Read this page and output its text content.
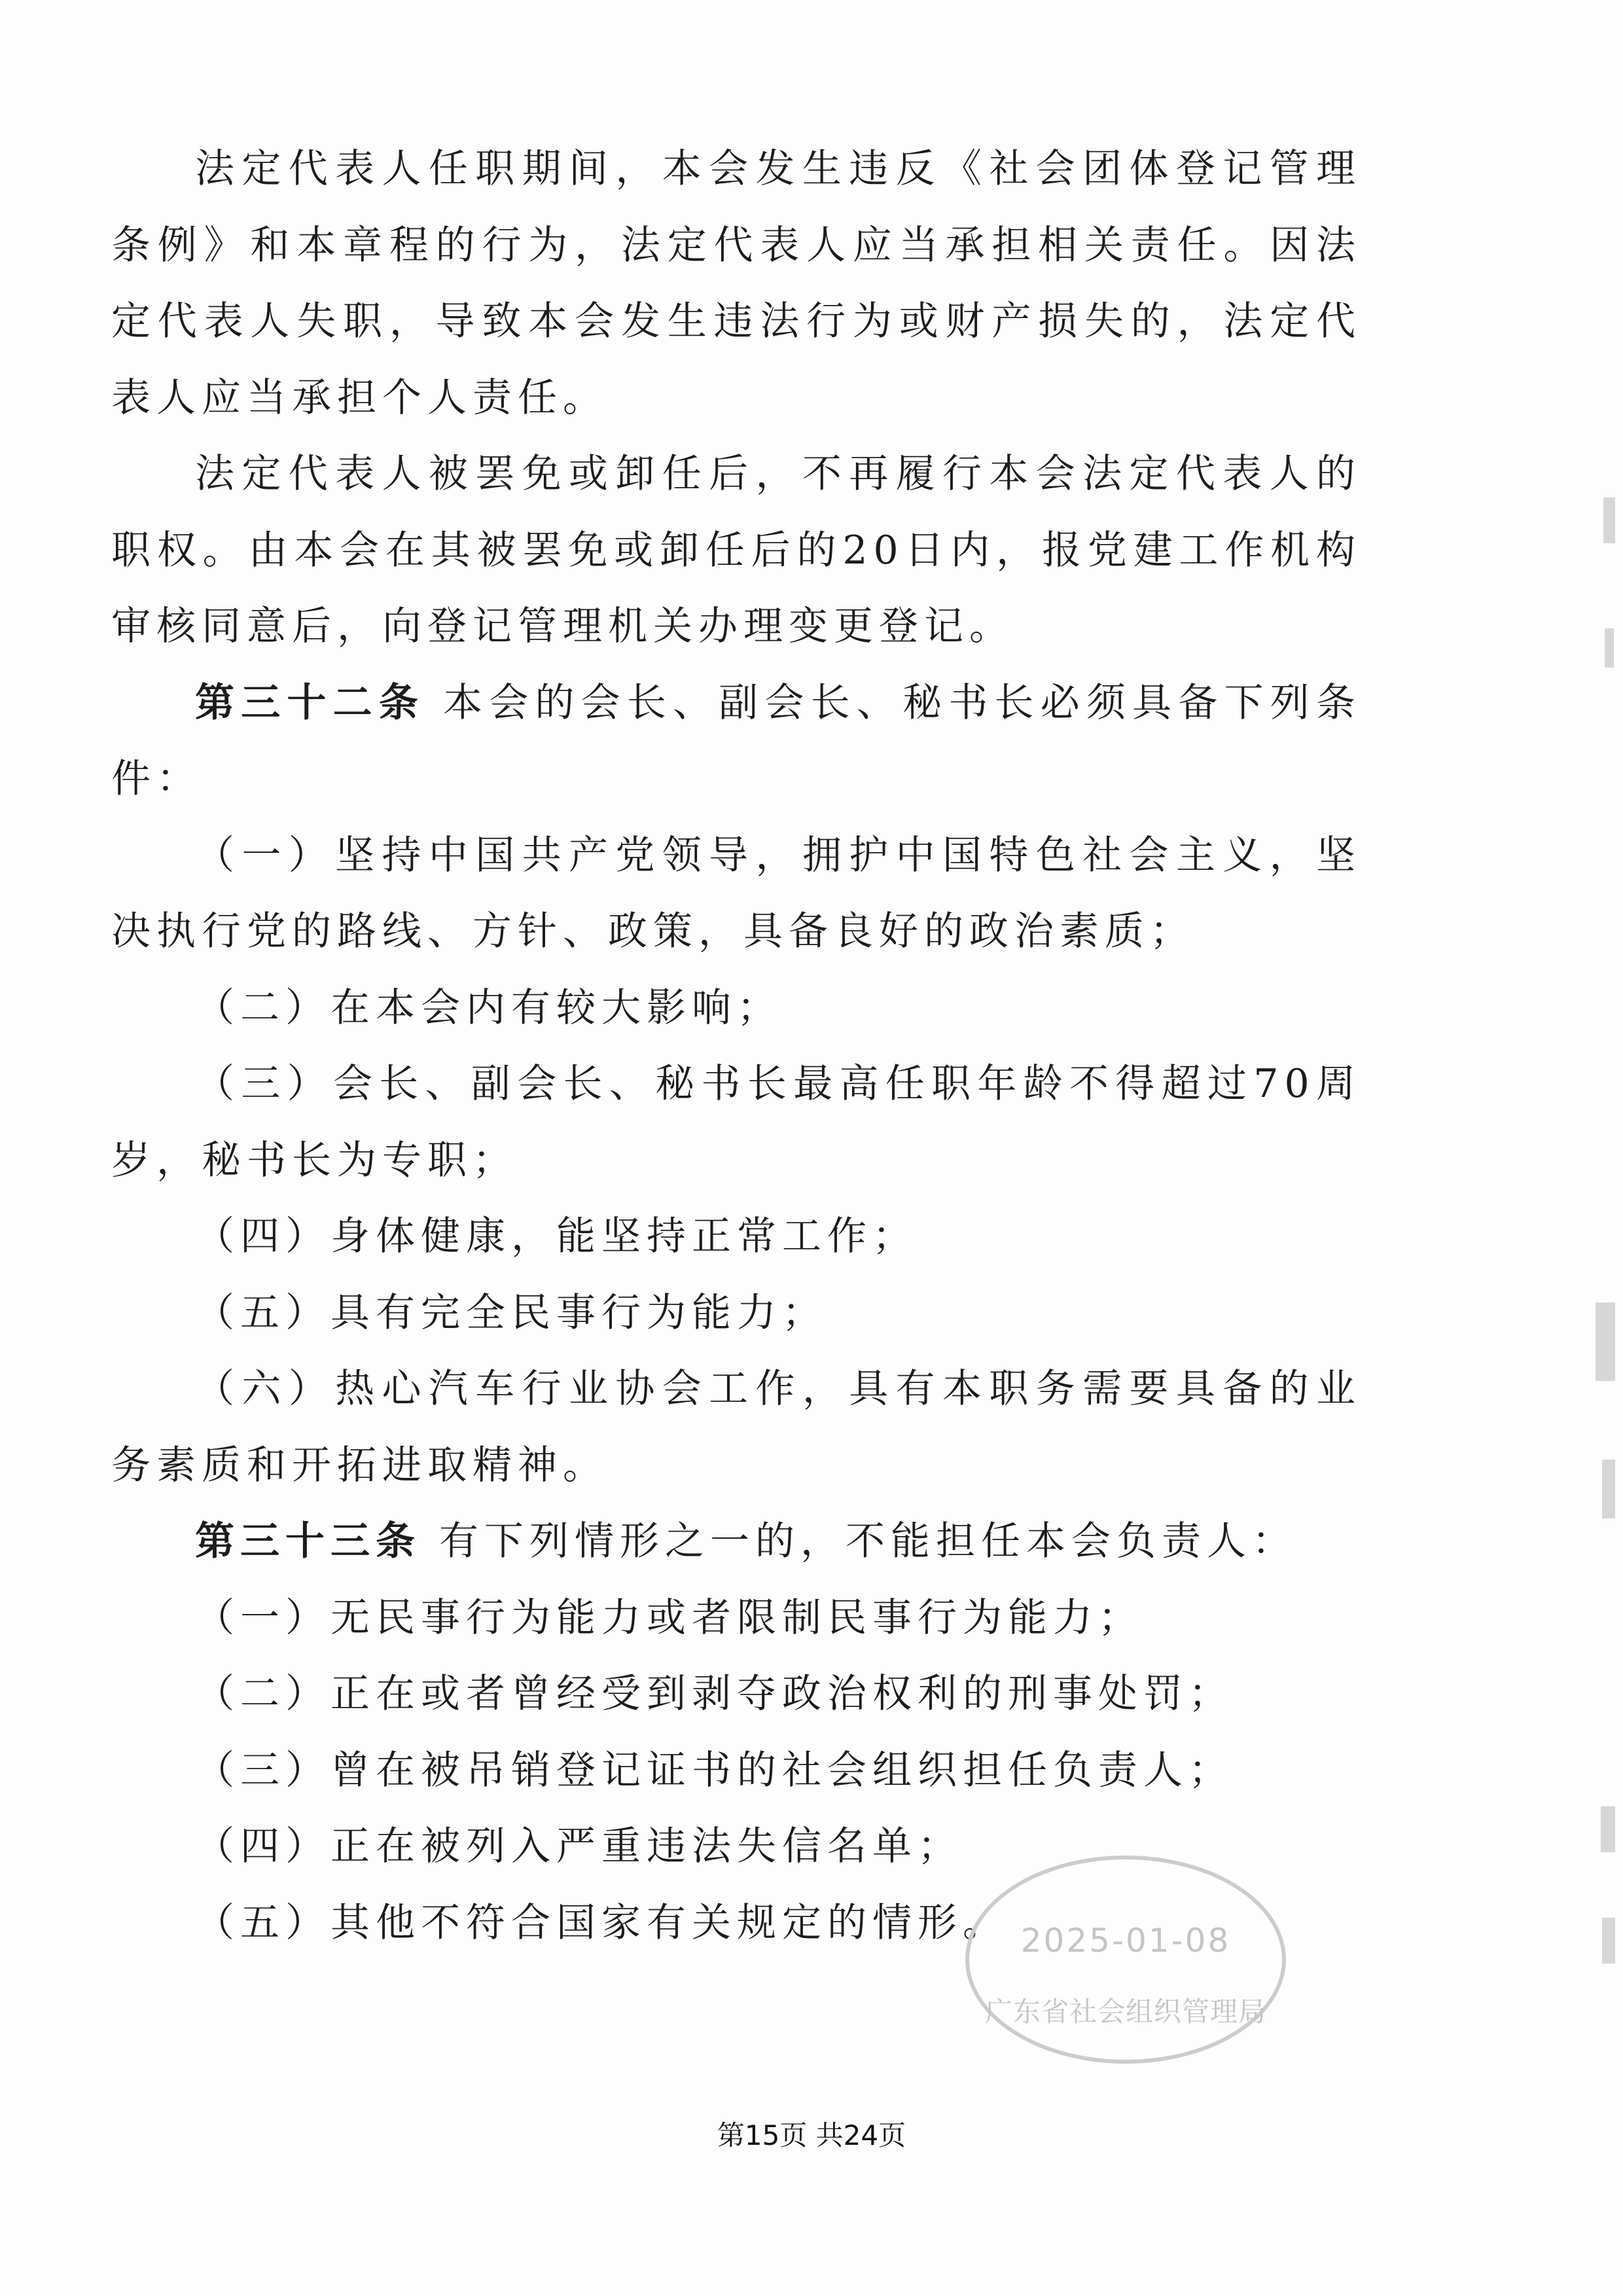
法定代表人任职期间，本会发生违反《社会团体登记管理条例》和本章程的行为，法定代表人应当承担相关责任。因法定代表人失职，导致本会发生违法行为或财产损失的，法定代表人应当承担个人责任。

法定代表人被罢免或卸任后，不再履行本会法定代表人的职权。由本会在其被罢免或卸任后的20日内，报党建工作机构审核同意后，向登记管理机关办理变更登记。

第三十二条 本会的会长、副会长、秘书长必须具备下列条件：

（一）坚持中国共产党领导，拥护中国特色社会主义，坚决执行党的路线、方针、政策，具备良好的政治素质；

（二）在本会内有较大影响；

（三）会长、副会长、秘书长最高任职年龄不得超过70周岁，秘书长为专职；

（四）身体健康，能坚持正常工作；

（五）具有完全民事行为能力；

（六）热心汽车行业协会工作，具有本职务需要具备的业务素质和开拓进取精神。

第三十三条 有下列情形之一的，不能担任本会负责人：

（一）无民事行为能力或者限制民事行为能力；

（二）正在或者曾经受到剥夺政治权利的刑事处罚；

（三）曾在被吊销登记证书的社会组织担任负责人；

（四）正在被列入严重违法失信名单；

（五）其他不符合国家有关规定的情形。 2025-01-08
广东省社会组织管理局
第15页 共24页
